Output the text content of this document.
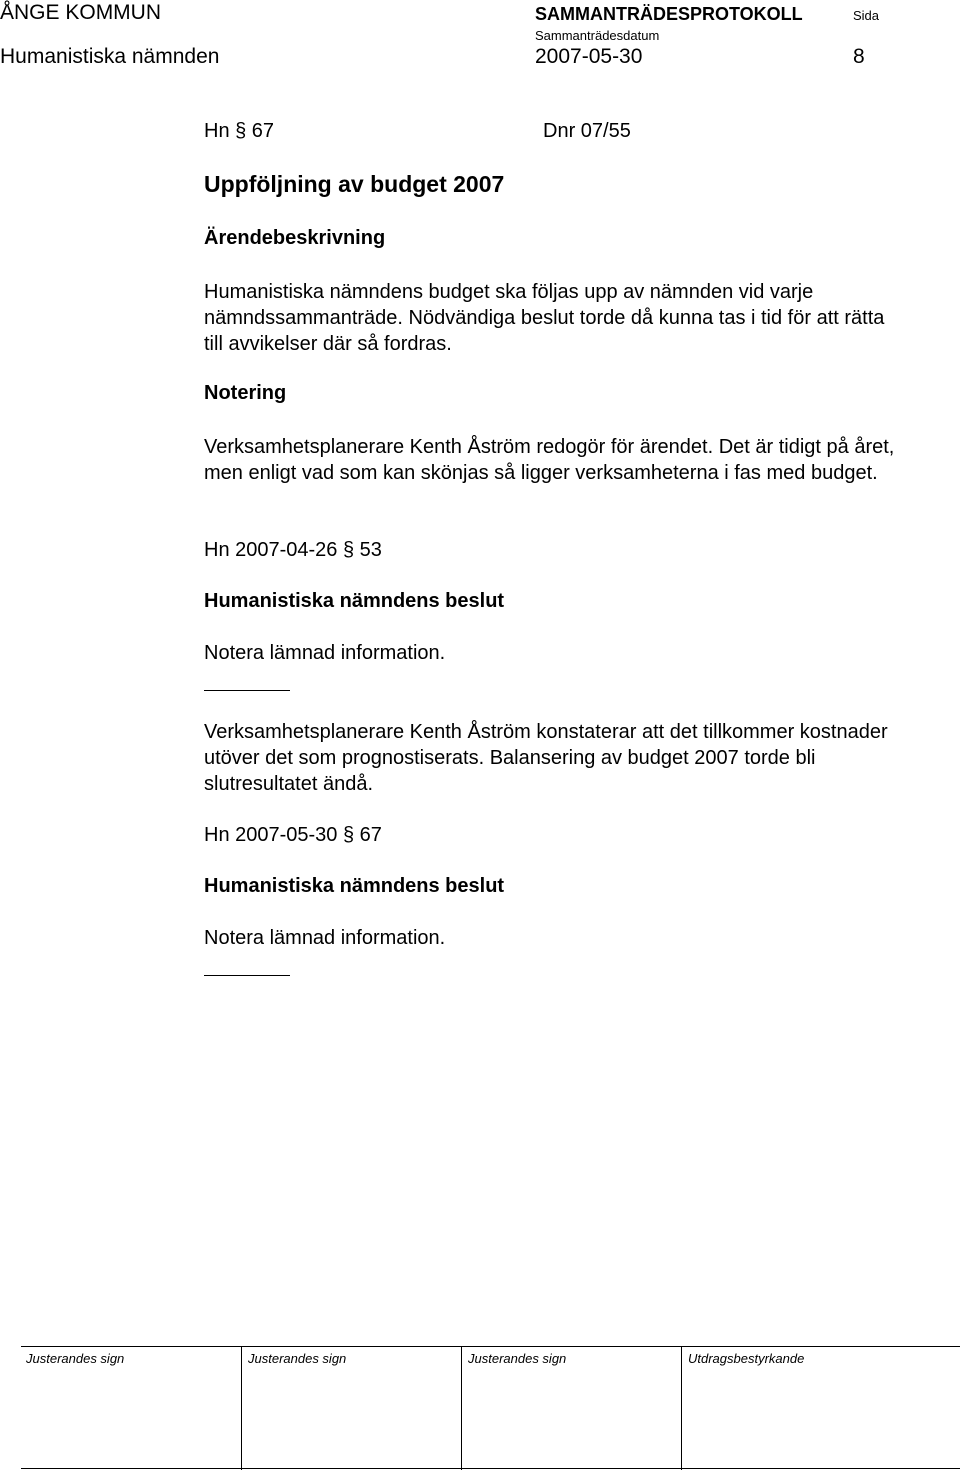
ÅNGE KOMMUN	SAMMANTRÄDESPROTOKOLL	Sida
Sammanträdesdatum
Humanistiska nämnden	2007-05-30	8
Hn § 67	Dnr 07/55
Uppföljning av budget 2007
Ärendebeskrivning
Humanistiska nämndens budget ska följas upp av nämnden vid varje nämndssammanträde. Nödvändiga beslut torde då kunna tas i tid för att rätta till avvikelser där så fordras.
Notering
Verksamhetsplanerare Kenth Åström redogör för ärendet. Det är tidigt på året, men enligt vad som kan skönjas så ligger verksamheterna i fas med budget.
Hn 2007-04-26 § 53
Humanistiska nämndens beslut
Notera lämnad information.
Verksamhetsplanerare Kenth Åström konstaterar att det tillkommer kostnader utöver det som prognostiserats. Balansering av budget 2007 torde bli slutresultatet ändå.
Hn 2007-05-30 § 67
Humanistiska nämndens beslut
Notera lämnad information.
Justerandes sign	Justerandes sign	Justerandes sign	Utdragsbestyrkande
